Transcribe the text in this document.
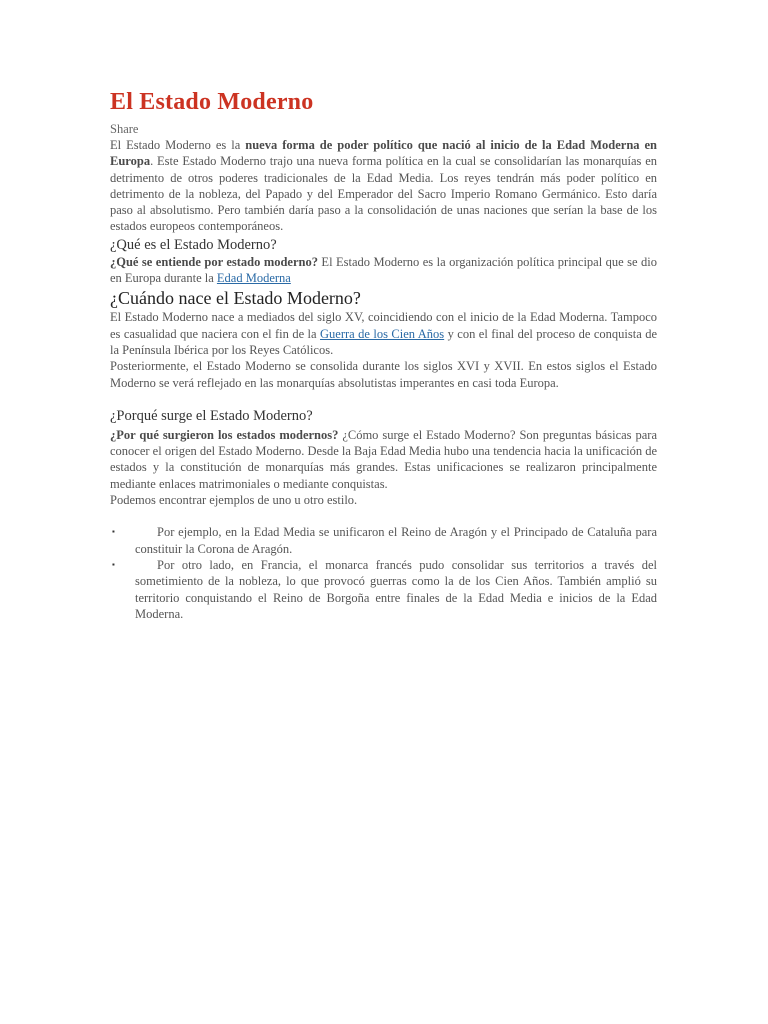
El Estado Moderno
Share

El Estado Moderno es la nueva forma de poder político que nació al inicio de la Edad Moderna en Europa. Este Estado Moderno trajo una nueva forma política en la cual se consolidarían las monarquías en detrimento de otros poderes tradicionales de la Edad Media. Los reyes tendrán más poder político en detrimento de la nobleza, del Papado y del Emperador del Sacro Imperio Romano Germánico. Esto daría paso al absolutismo. Pero también daría paso a la consolidación de unas naciones que serían la base de los estados europeos contemporáneos.

¿Qué es el Estado Moderno?

¿Qué se entiende por estado moderno? El Estado Moderno es la organización política principal que se dio en Europa durante la Edad Moderna

¿Cuándo nace el Estado Moderno?

El Estado Moderno nace a mediados del siglo XV, coincidiendo con el inicio de la Edad Moderna. Tampoco es casualidad que naciera con el fin de la Guerra de los Cien Años y con el final del proceso de conquista de la Península Ibérica por los Reyes Católicos.

Posteriormente, el Estado Moderno se consolida durante los siglos XVI y XVII. En estos siglos el Estado Moderno se verá reflejado en las monarquías absolutistas imperantes en casi toda Europa.

¿Porqué surge el Estado Moderno?

¿Por qué surgieron los estados modernos? ¿Cómo surge el Estado Moderno? Son preguntas básicas para conocer el origen del Estado Moderno. Desde la Baja Edad Media hubo una tendencia hacia la unificación de estados y la constitución de monarquías más grandes. Estas unificaciones se realizaron principalmente mediante enlaces matrimoniales o mediante conquistas.

Podemos encontrar ejemplos de uno u otro estilo.

▪	Por ejemplo, en la Edad Media se unificaron el Reino de Aragón y el Principado de Cataluña para constituir la Corona de Aragón.
▪	Por otro lado, en Francia, el monarca francés pudo consolidar sus territorios a través del sometimiento de la nobleza, lo que provocó guerras como la de los Cien Años. También amplió su territorio conquistando el Reino de Borgoña entre finales de la Edad Media e inicios de la Edad Moderna.
